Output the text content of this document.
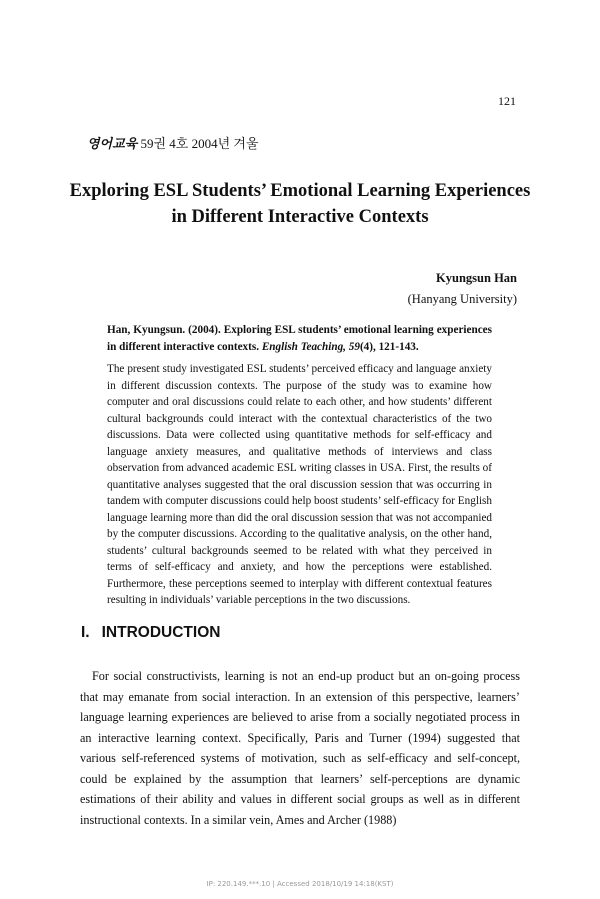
121
영어교육 59권 4호 2004년 겨울
Exploring ESL Students’ Emotional Learning Experiences
in Different Interactive Contexts
Kyungsun Han
(Hanyang University)

Han, Kyungsun. (2004). Exploring ESL students’ emotional learning experiences in different interactive contexts. English Teaching, 59(4), 121-143.

The present study investigated ESL students’ perceived efficacy and language anxiety in different discussion contexts. The purpose of the study was to examine how computer and oral discussions could relate to each other, and how students’ different cultural backgrounds could interact with the contextual characteristics of the two discussions. Data were collected using quantitative methods for self-efficacy and language anxiety measures, and qualitative methods of interviews and class observation from advanced academic ESL writing classes in USA. First, the results of quantitative analyses suggested that the oral discussion session that was occurring in tandem with computer discussions could help boost students’ self-efficacy for English language learning more than did the oral discussion session that was not accompanied by the computer discussions. According to the qualitative analysis, on the other hand, students’ cultural backgrounds seemed to be related with what they perceived in terms of self-efficacy and anxiety, and how the perceptions were established. Furthermore, these perceptions seemed to interplay with different contextual features resulting in individuals’ variable perceptions in the two discussions.

I. INTRODUCTION

For social constructivists, learning is not an end-up product but an on-going process that may emanate from social interaction. In an extension of this perspective, learners’ language learning experiences are believed to arise from a socially negotiated process in an interactive learning context. Specifically, Paris and Turner (1994) suggested that various self-referenced systems of motivation, such as self-efficacy and self-concept, could be explained by the assumption that learners’ self-perceptions are dynamic estimations of their ability and values in different social groups as well as in different instructional contexts. In a similar vein, Ames and Archer (1988)

IP: 220.149.***.10 | Accessed 2018/10/19 14:18(KST)
